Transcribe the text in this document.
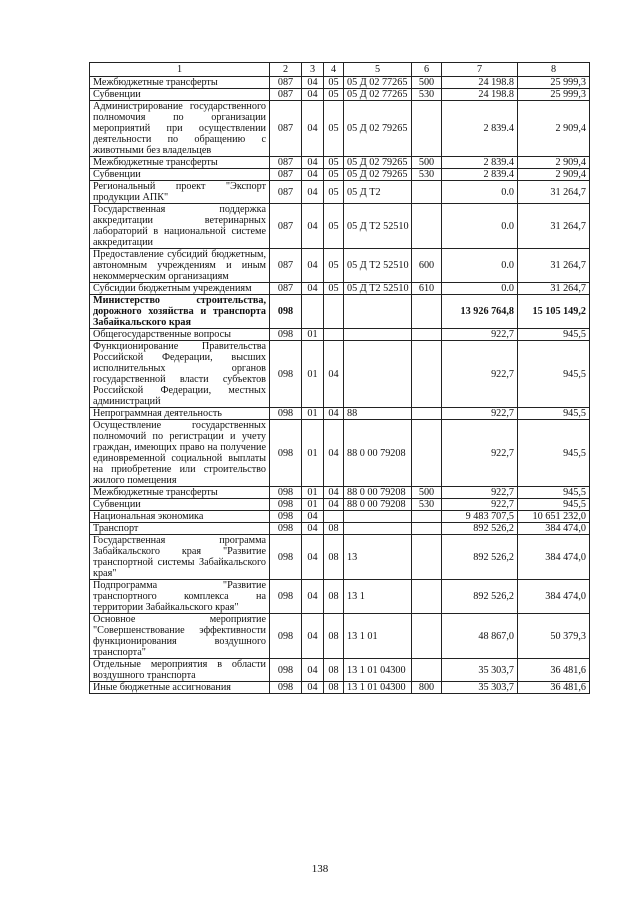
1	2	3	4	5	6	7	8
Межбюджетные трансферты	087	04	05	05 Д 02 77265	500	24 198.8	25 999,3
Субвенции	087	04	05	05 Д 02 77265	530	24 198.8	25 999,3
Администрирование государственного полномочия по организации мероприятий при осуществлении деятельности по обращению с животными без владельцев	087	04	05	05 Д 02 79265		2 839.4	2 909,4
Межбюджетные трансферты	087	04	05	05 Д 02 79265	500	2 839.4	2 909,4
Субвенции	087	04	05	05 Д 02 79265	530	2 839.4	2 909,4
Региональный проект "Экспорт продукции АПК"	087	04	05	05 Д Т2		0.0	31 264,7
Государственная поддержка аккредитации ветеринарных лабораторий в национальной системе аккредитации	087	04	05	05 Д Т2 52510		0.0	31 264,7
Предоставление субсидий бюджетным, автономным учреждениям и иным некоммерческим организациям	087	04	05	05 Д Т2 52510	600	0.0	31 264,7
Субсидии бюджетным учреждениям	087	04	05	05 Д Т2 52510	610	0.0	31 264,7
Министерство строительства, дорожного хозяйства и транспорта Забайкальского края	098					13 926 764,8	15 105 149,2
Общегосударственные вопросы	098	01				922,7	945,5
Функционирование Правительства Российской Федерации, высших исполнительных органов государственной власти субъектов Российской Федерации, местных администраций	098	01	04			922,7	945,5
Непрограммная деятельность	098	01	04	88		922,7	945,5
Осуществление государственных полномочий по регистрации и учету граждан, имеющих право на получение единовременной социальной выплаты на приобретение или строительство жилого помещения	098	01	04	88 0 00 79208		922,7	945,5
Межбюджетные трансферты	098	01	04	88 0 00 79208	500	922,7	945,5
Субвенции	098	01	04	88 0 00 79208	530	922,7	945,5
Национальная экономика	098	04				9 483 707,5	10 651 232,0
Транспорт	098	04	08			892 526,2	384 474,0
Государственная программа Забайкальского края "Развитие транспортной системы Забайкальского края"	098	04	08	13		892 526,2	384 474,0
Подпрограмма "Развитие транспортного комплекса на территории Забайкальского края"	098	04	08	13 1		892 526,2	384 474,0
Основное мероприятие "Совершенствование эффективности функционирования воздушного транспорта"	098	04	08	13 1 01		48 867,0	50 379,3
Отдельные мероприятия в области воздушного транспорта	098	04	08	13 1 01 04300		35 303,7	36 481,6
Иные бюджетные ассигнования	098	04	08	13 1 01 04300	800	35 303,7	36 481,6
138
